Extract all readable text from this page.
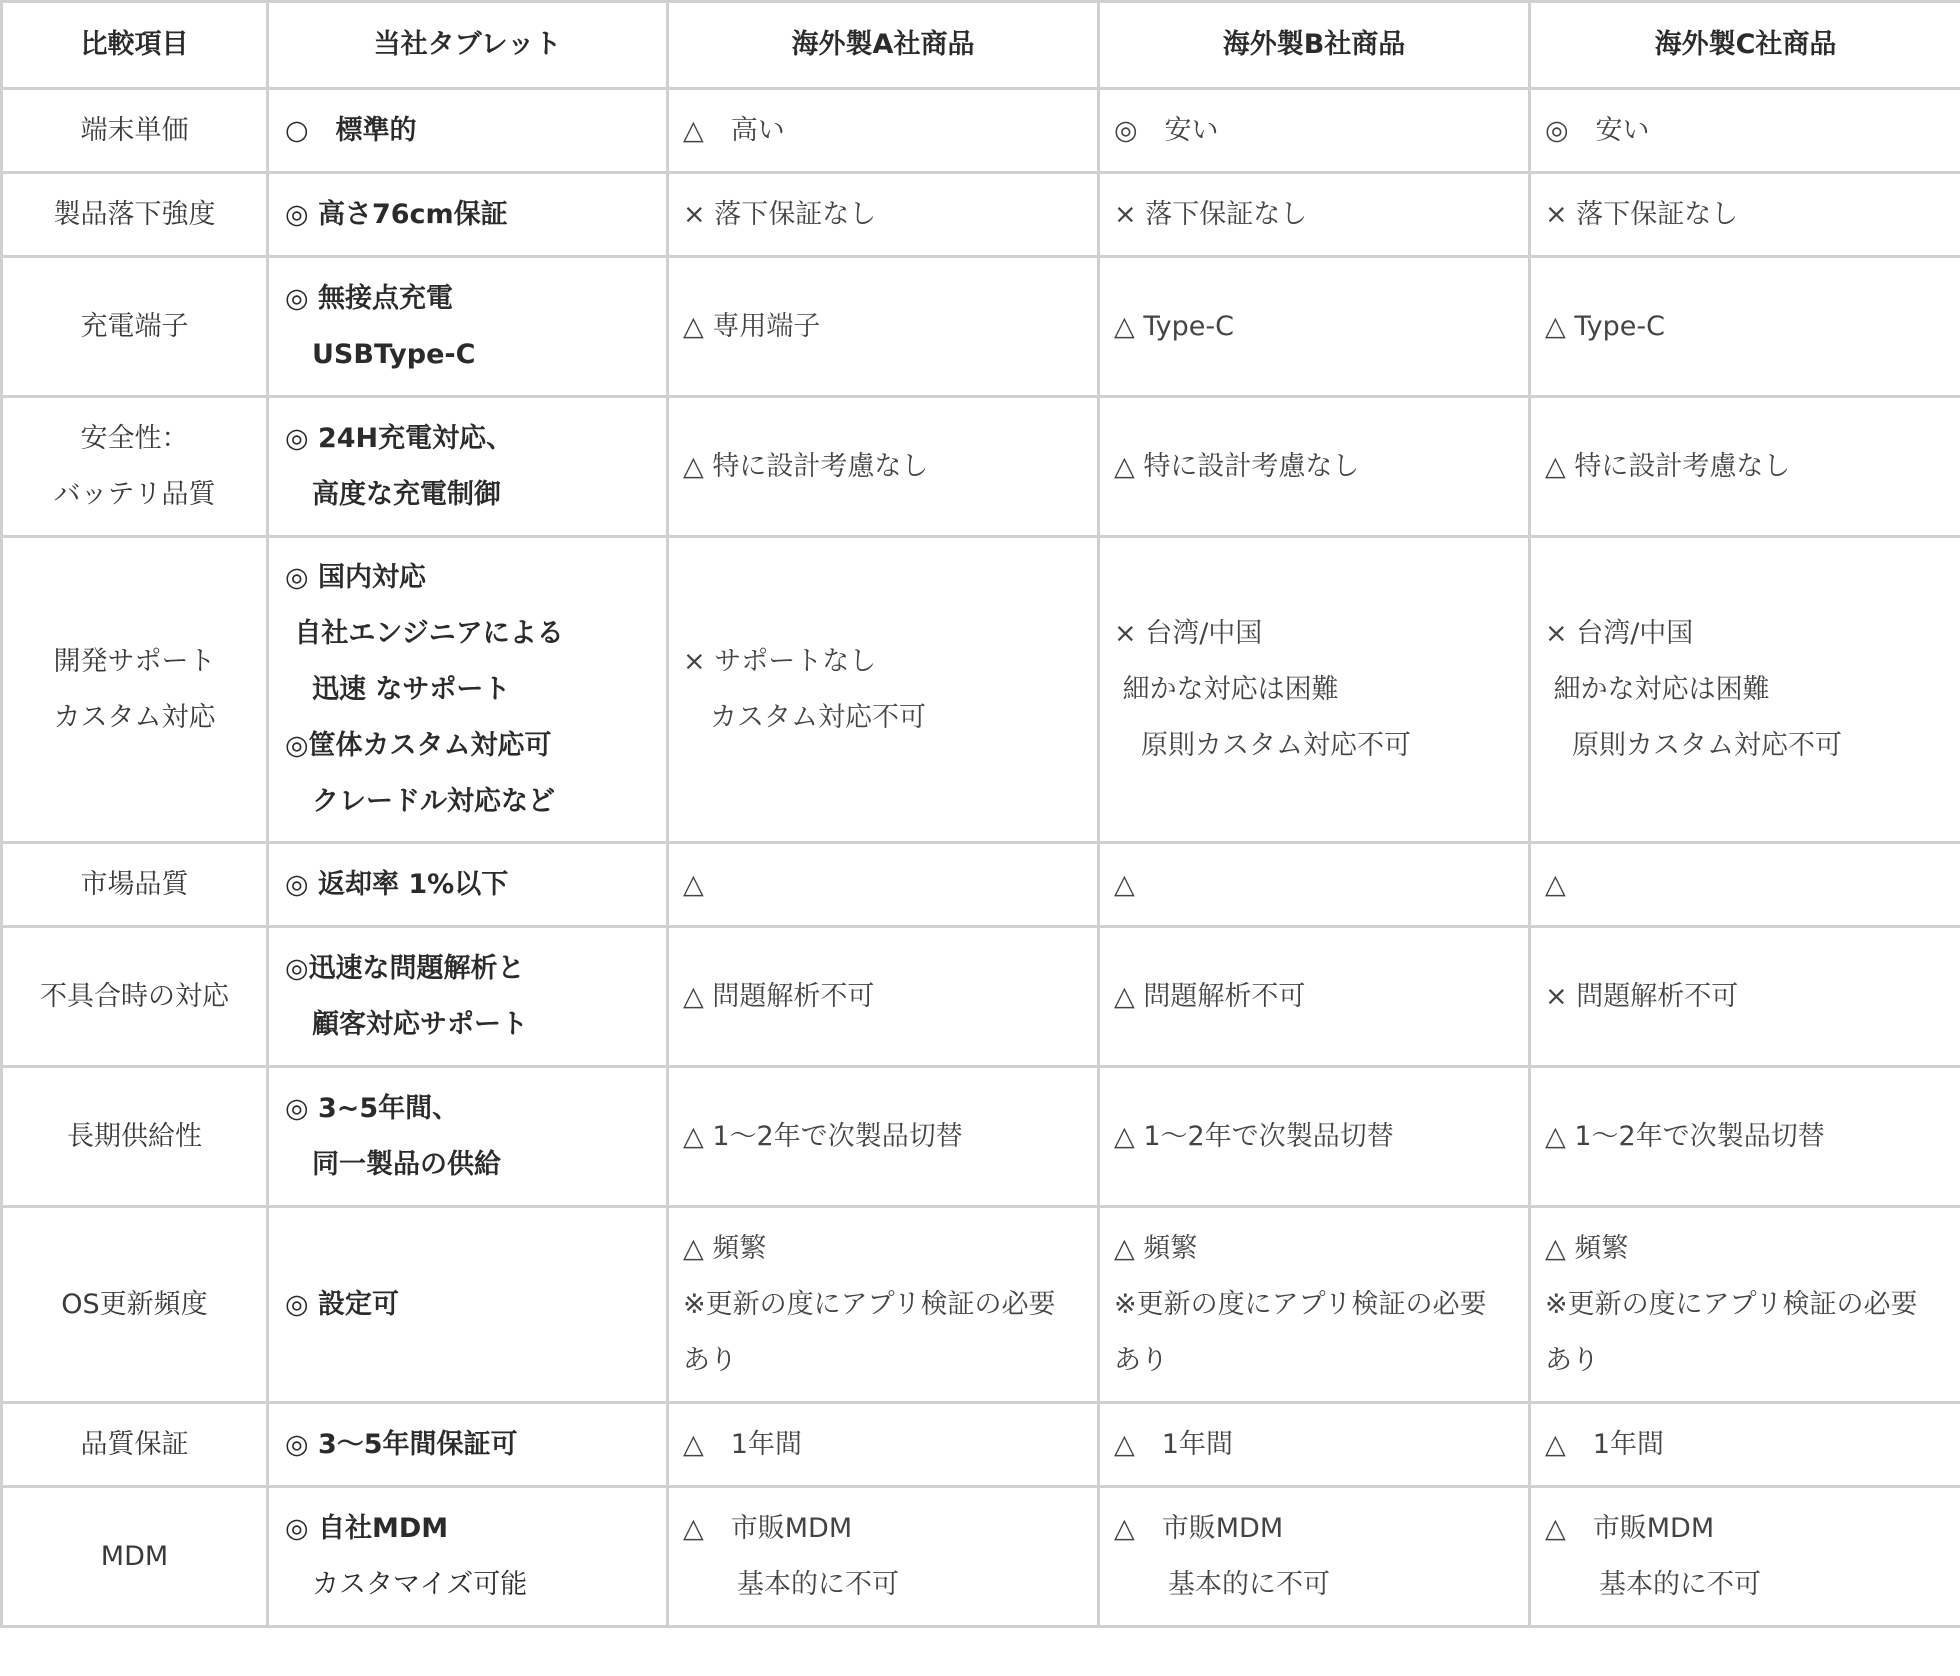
比較項目	当社タブレット	海外製A社商品	海外製B社商品	海外製C社商品

端末単価	○　標準的	△　高い	◎　安い	◎　安い

製品落下強度	◎ 高さ76cm保証	× 落下保証なし	× 落下保証なし	× 落下保証なし

充電端子	◎ 無接点充電
　USBType-C	△ 専用端子	△ Type-C	△ Type-C

安全性：
バッテリ品質	◎ 24H充電対応、
　高度な充電制御	△ 特に設計考慮なし	△ 特に設計考慮なし	△ 特に設計考慮なし

開発サポート
カスタム対応	◎ 国内対応
自社エンジニアによる
　迅速 なサポート
◎筐体カスタム対応可
　クレードル対応など	× サポートなし
　カスタム対応不可	× 台湾/中国
細かな対応は困難
　原則カスタム対応不可	× 台湾/中国
細かな対応は困難
　原則カスタム対応不可

市場品質	◎ 返却率 1%以下	△	△	△

不具合時の対応	◎迅速な問題解析と
　顧客対応サポート	△ 問題解析不可	△ 問題解析不可	× 問題解析不可

長期供給性	◎ 3~5年間、
　同一製品の供給	△ 1〜2年で次製品切替	△ 1〜2年で次製品切替	△ 1〜2年で次製品切替

OS更新頻度	◎ 設定可	△ 頻繁
※更新の度にアプリ検証の必要
あり	△ 頻繁
※更新の度にアプリ検証の必要
あり	△ 頻繁
※更新の度にアプリ検証の必要
あり

品質保証	◎ 3〜5年間保証可	△　1年間	△　1年間	△　1年間

MDM	◎ 自社MDM
　カスタマイズ可能	△　市販MDM
　　基本的に不可	△　市販MDM
　　基本的に不可	△　市販MDM
　　基本的に不可
